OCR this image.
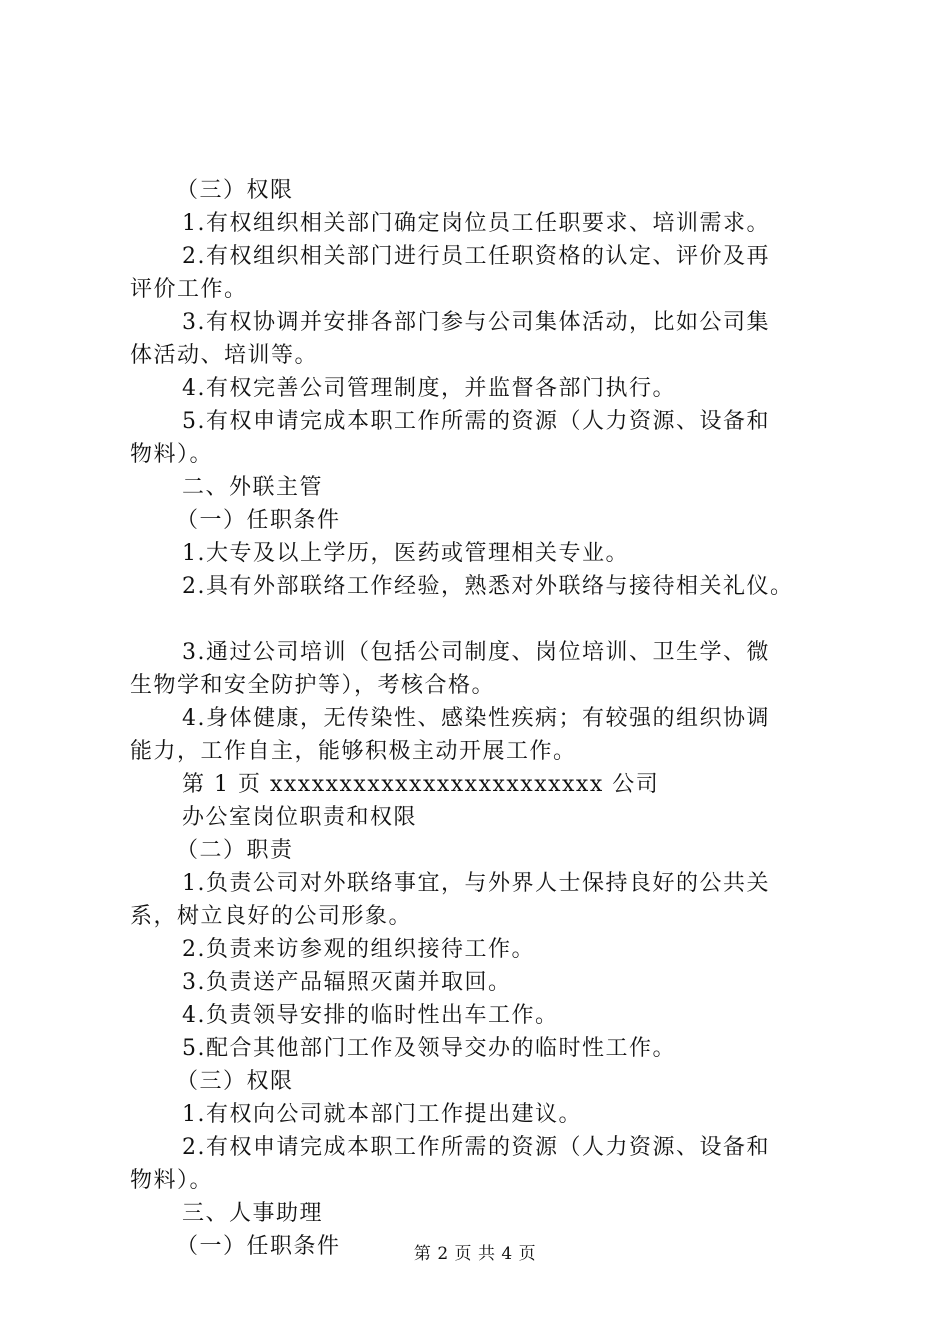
（三）权限
1.有权组织相关部门确定岗位员工任职要求、培训需求。
2.有权组织相关部门进行员工任职资格的认定、评价及再
评价工作。
3.有权协调并安排各部门参与公司集体活动，比如公司集
体活动、培训等。
4.有权完善公司管理制度，并监督各部门执行。
5.有权申请完成本职工作所需的资源（人力资源、设备和
物料）。
二、外联主管
（一）任职条件
1.大专及以上学历，医药或管理相关专业。
2.具有外部联络工作经验，熟悉对外联络与接待相关礼仪。
3.通过公司培训（包括公司制度、岗位培训、卫生学、微
生物学和安全防护等），考核合格。
4.身体健康，无传染性、感染性疾病；有较强的组织协调
能力，工作自主，能够积极主动开展工作。
第 1 页 xxxxxxxxxxxxxxxxxxxxxxxx 公司
办公室岗位职责和权限
（二）职责
1.负责公司对外联络事宜，与外界人士保持良好的公共关
系，树立良好的公司形象。
2.负责来访参观的组织接待工作。
3.负责送产品辐照灭菌并取回。
4.负责领导安排的临时性出车工作。
5.配合其他部门工作及领导交办的临时性工作。
（三）权限
1.有权向公司就本部门工作提出建议。
2.有权申请完成本职工作所需的资源（人力资源、设备和
物料）。
三、人事助理
（一）任职条件	第 2 页 共 4 页
